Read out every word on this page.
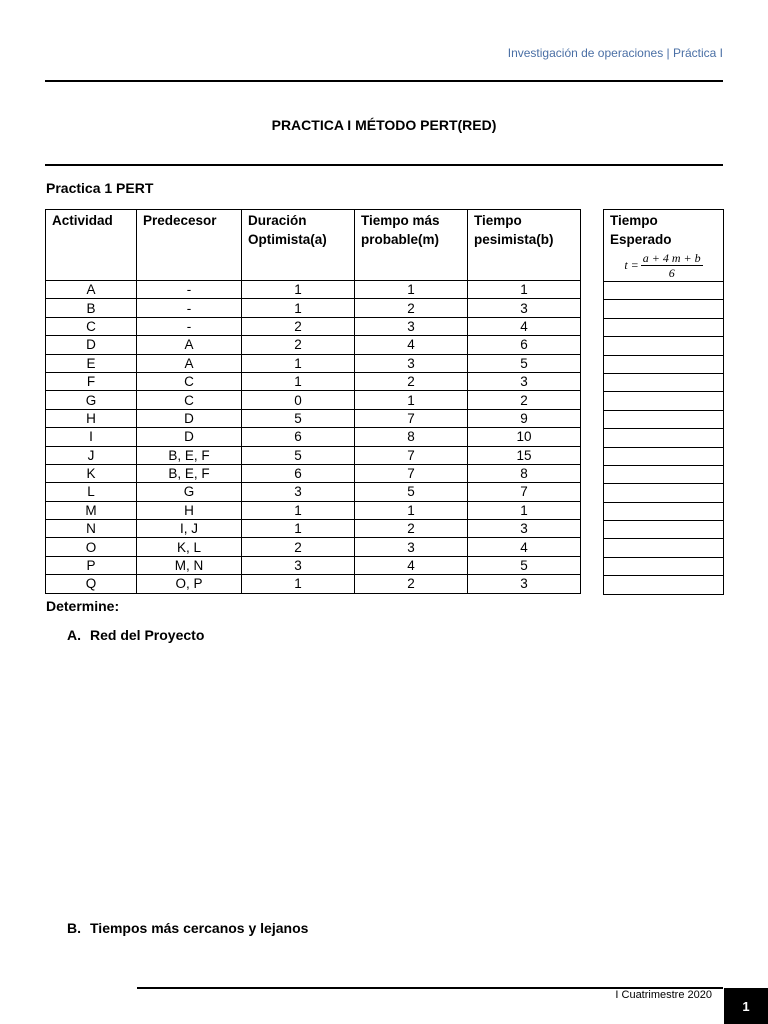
Investigación de operaciones | Práctica I
PRACTICA I MÉTODO PERT(RED)
Practica 1 PERT
Actividad	Predecesor	Duración Optimista(a)	Tiempo más probable(m)	Tiempo pesimista(b)
A	-	1	1	1
B	-	1	2	3
C	-	2	3	4
D	A	2	4	6
E	A	1	3	5
F	C	1	2	3
G	C	0	1	2
H	D	5	7	9
I	D	6	8	10
J	B, E, F	5	7	15
K	B, E, F	6	7	8
L	G	3	5	7
M	H	1	1	1
N	I, J	1	2	3
O	K, L	2	3	4
P	M, N	3	4	5
Q	O, P	1	2	3
Tiempo Esperado
$t = \frac{a + 4 m + b}{6}$

Determine:
A. Red del Proyecto
B. Tiempos más cercanos y lejanos
I Cuatrimestre 2020
1
